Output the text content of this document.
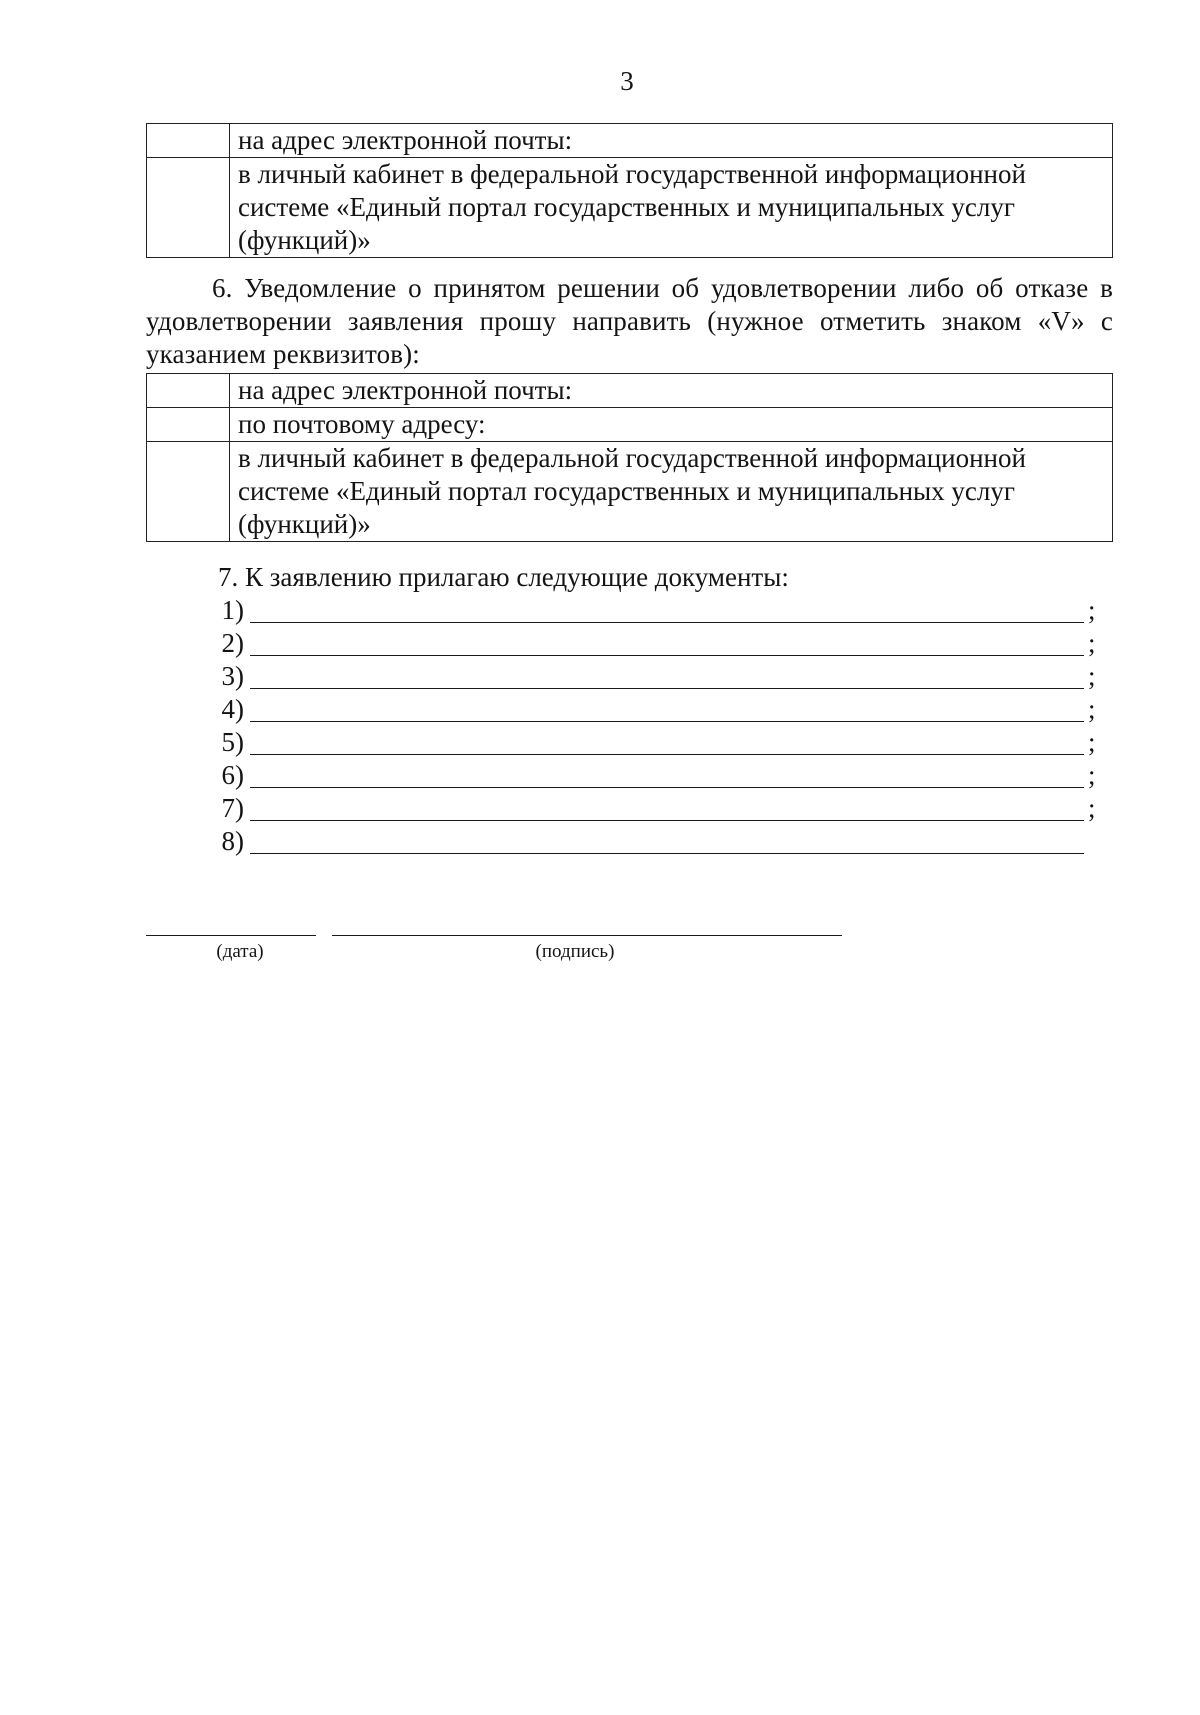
3
	на адрес электронной почты:
	в личный кабинет в федеральной государственной информационной системе «Единый портал государственных и муниципальных услуг (функций)»
6. Уведомление о принятом решении об удовлетворении либо об отказе в удовлетворении заявления прошу направить (нужное отметить знаком «V» с указанием реквизитов):
	на адрес электронной почты:
	по почтовому адресу:
	в личный кабинет в федеральной государственной информационной системе «Единый портал государственных и муниципальных услуг (функций)»
7. К заявлению прилагаю следующие документы:
1)	;
2)	;
3)	;
4)	;
5)	;
6)	;
7)	;
8)
(дата)	(подпись)
